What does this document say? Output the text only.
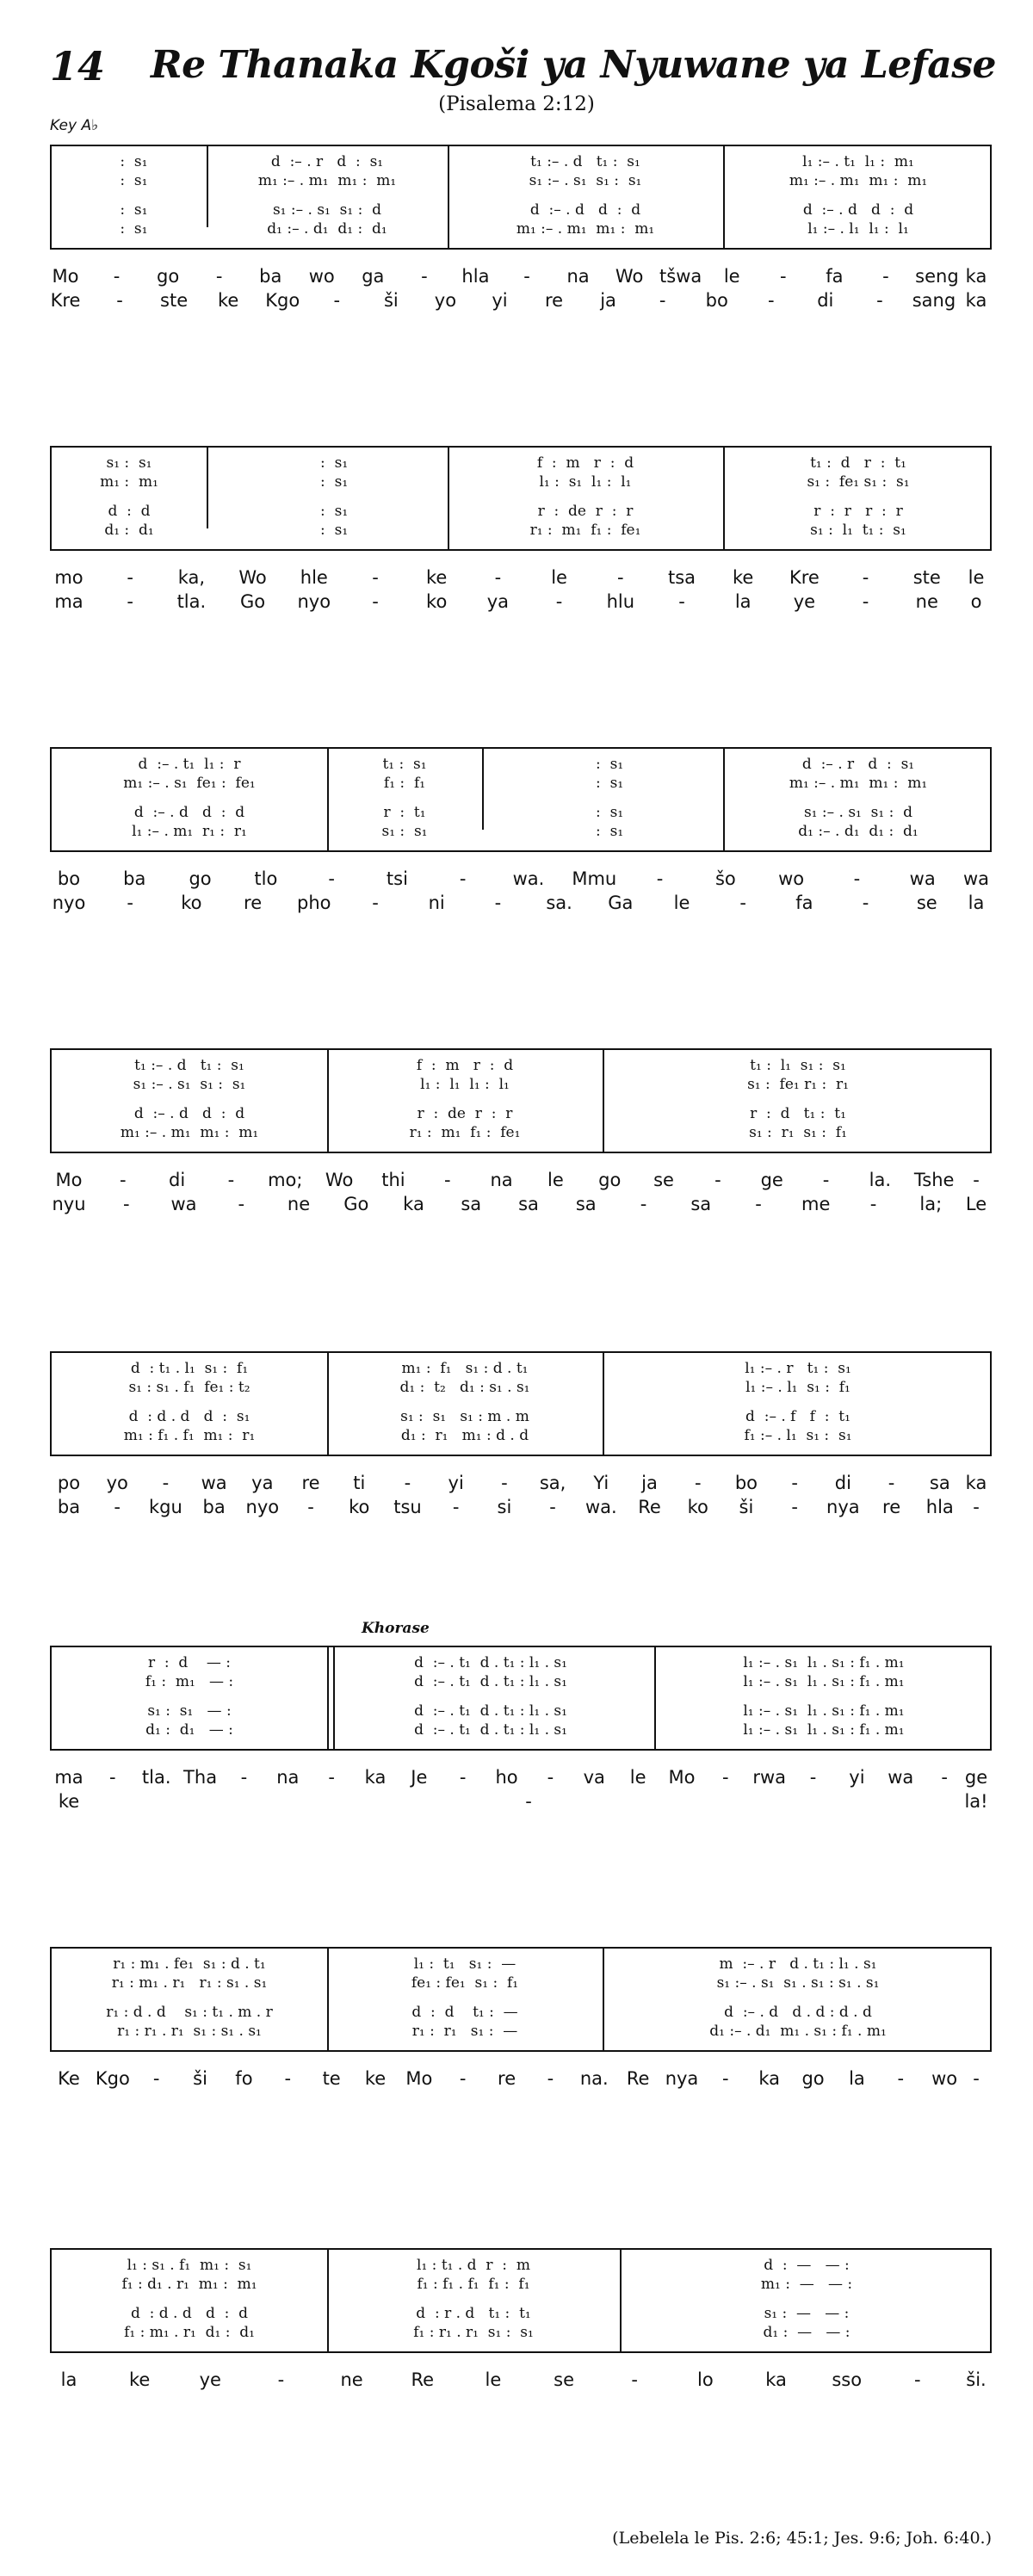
14 Re Thanaka Kgoši ya Nyuwane ya Lefase
(Pisalema 2:12)
Key A♭
Khorase
(Lebelela le Pis. 2:6; 45:1; Jes. 9:6; Joh. 6:40.)
:  s₁
:  s₁
:  s₁
:  s₁
d  :– . r   d  :  s₁
m₁ :– . m₁  m₁ :  m₁
s₁ :– . s₁  s₁ :  d
d₁ :– . d₁  d₁ :  d₁
t₁ :– . d   t₁ :  s₁
s₁ :– . s₁  s₁ :  s₁
d  :– . d   d  :  d
m₁ :– . m₁  m₁ :  m₁
l₁ :– . t₁  l₁ :  m₁
m₁ :– . m₁  m₁ :  m₁
d  :– . d   d  :  d
l₁ :– . l₁  l₁ :  l₁
Mo - go - ba wo ga - hla - na Wo tšwa le - fa - seng ka
Kre - ste ke Kgo - ši yo yi re ja - bo - di - sang ka
s₁ :  s₁
m₁ :  m₁
d  :  d
d₁ :  d₁
:  s₁
:  s₁
:  s₁
:  s₁
f  :  m   r  :  d
l₁ :  s₁  l₁ :  l₁
r  :  de  r  :  r
r₁ :  m₁  f₁ :  fe₁
t₁ :  d   r  :  t₁
s₁ :  fe₁ s₁ :  s₁
r  :  r   r  :  r
s₁ :  l₁  t₁ :  s₁
mo - ka, Wo hle -	ke	-	le	- tsa ke Kre - ste le
ma - tla. Go nyo -	ko ya	- hlu -	la ye	-	ne o
d  :– . t₁  l₁ :  r
m₁ :– . s₁  fe₁ :  fe₁
d  :– . d   d  :  d
l₁ :– . m₁  r₁ :  r₁
t₁ :  s₁
f₁ :  f₁
r  :  t₁
s₁ :  s₁
:  s₁
:  s₁
:  s₁
:  s₁
d  :– . r   d  :  s₁
m₁ :– . m₁  m₁ :  m₁
s₁ :– . s₁  s₁ :  d
d₁ :– . d₁  d₁ :  d₁
bo ba go tlo	-	tsi	-	wa. Mmu -	šo wo	-	wa wa
nyo -	ko re pho -	ni	- sa. Ga le	-	fa	-	se la
t₁ :– . d   t₁ :  s₁
s₁ :– . s₁  s₁ :  s₁
d  :– . d   d  :  d
m₁ :– . m₁  m₁ :  m₁
f  :  m   r  :  d
l₁ :  l₁  l₁ :  l₁
r  :  de  r  :  r
r₁ :  m₁  f₁ :  fe₁
t₁ :  l₁  s₁ :  s₁
s₁ :  fe₁ r₁ :  r₁
r  :  d   t₁ :  t₁
s₁ :  r₁  s₁ :  f₁
Mo - di - mo; Wo thi - na le go se - ge - la. Tshe -
nyu - wa - ne Go ka sa sa sa - sa - me - la; Le
d  : t₁ . l₁  s₁ :  f₁
s₁ : s₁ . f₁  fe₁ : t₂
d  : d . d   d  :  s₁
m₁ : f₁ . f₁  m₁ :  r₁
m₁ :  f₁   s₁ : d . t₁
d₁ :  t₂   d₁ : s₁ . s₁
s₁ :  s₁   s₁ : m . m
d₁ :  r₁   m₁ : d . d
l₁ :– . r   t₁ :  s₁
l₁ :– . l₁  s₁ :  f₁
d  :– . f   f  :  t₁
f₁ :– . l₁  s₁ :  s₁
po yo - wa ya re ti - yi - sa, Yi ja - bo - di - sa ka
ba - kgu ba nyo - ko tsu - si - wa. Re ko ši - nya re hla -
r  :  d    — :
f₁ :  m₁   — :
s₁ :  s₁   — :
d₁ :  d₁   — :
d  :– . t₁  d . t₁ : l₁ . s₁
d  :– . t₁  d . t₁ : l₁ . s₁
d  :– . t₁  d . t₁ : l₁ . s₁
d  :– . t₁  d . t₁ : l₁ . s₁
l₁ :– . s₁  l₁ . s₁ : f₁ . m₁
l₁ :– . s₁  l₁ . s₁ : f₁ . m₁
l₁ :– . s₁  l₁ . s₁ : f₁ . m₁
l₁ :– . s₁  l₁ . s₁ : f₁ . m₁
ma - tla. Tha - na - ka Je - ho - va le Mo - rwa - yi wa - ge
ke	-	la!
r₁ : m₁ . fe₁  s₁ : d . t₁
r₁ : m₁ . r₁   r₁ : s₁ . s₁
r₁ : d . d    s₁ : t₁ . m . r
r₁ : r₁ . r₁  s₁ : s₁ . s₁
l₁ :  t₁   s₁ :  —
fe₁ : fe₁  s₁ :  f₁
d  :  d    t₁ :  —
r₁ :  r₁   s₁ :  —
m  :– . r   d . t₁ : l₁ . s₁
s₁ :– . s₁  s₁ . s₁ : s₁ . s₁
d  :– . d   d . d : d . d
d₁ :– . d₁  m₁ . s₁ : f₁ . m₁
Ke Kgo - ši fo - te ke Mo - re - na. Re nya - ka go la - wo -
l₁ : s₁ . f₁  m₁ :  s₁
f₁ : d₁ . r₁  m₁ :  m₁
d  : d . d   d  :  d
f₁ : m₁ . r₁  d₁ :  d₁
l₁ : t₁ . d  r  :  m
f₁ : f₁ . f₁  f₁ :  f₁
d  : r . d   t₁ :  t₁
f₁ : r₁ . r₁  s₁ :  s₁
d  :  —   — :
m₁ :  —   — :
s₁ :  —   — :
d₁ :  —   — :
la	ke	ye	-	ne	Re	le	se	-	lo	ka sso	-	ši.
